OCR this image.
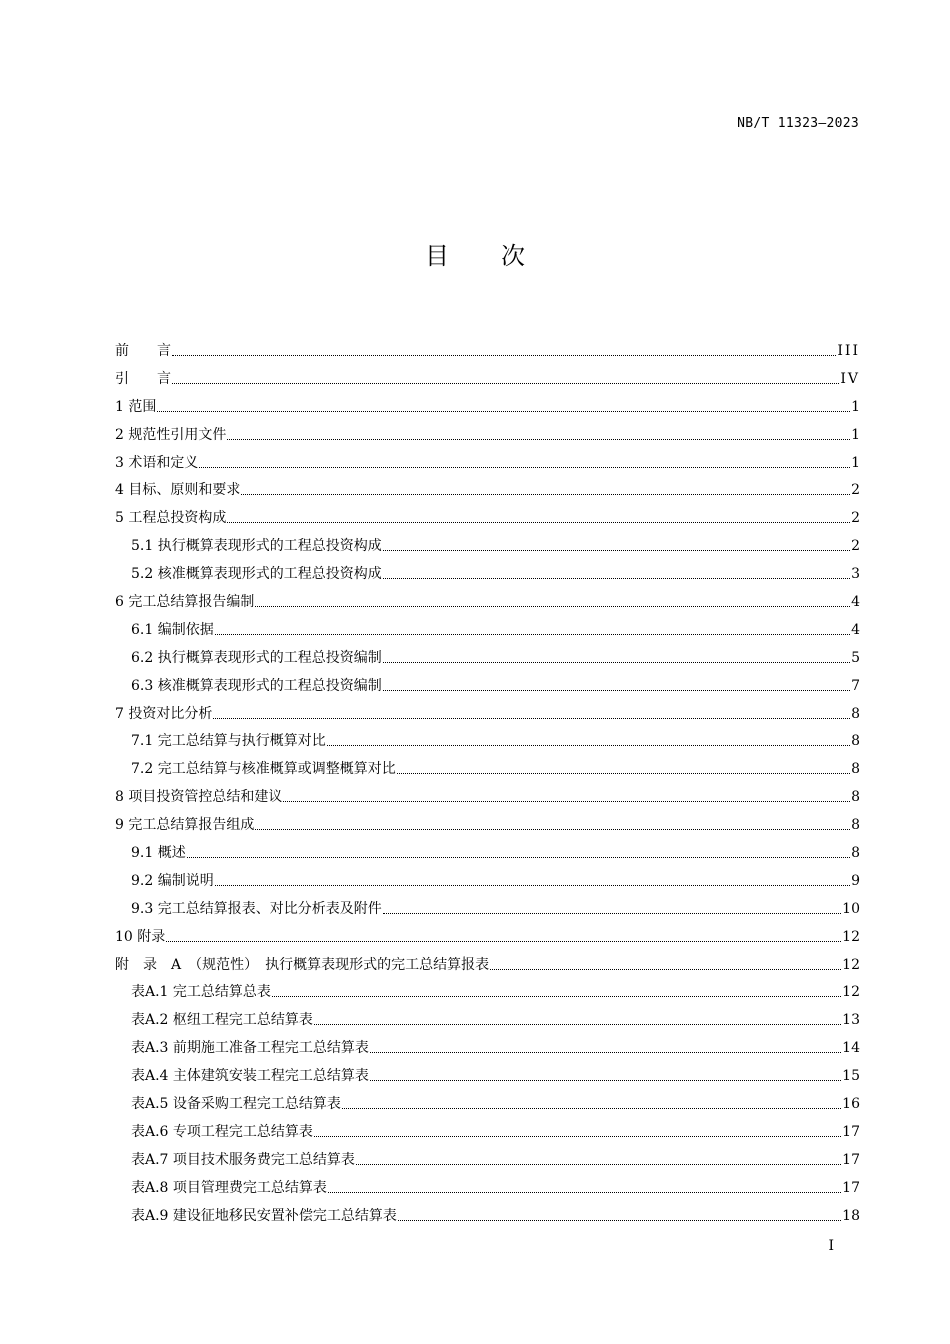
NB/T 11323—2023
目 次
前　　言	III
引　　言	IV
1 范围	1
2 规范性引用文件	1
3 术语和定义	1
4 目标、原则和要求	2
5 工程总投资构成	2
5.1 执行概算表现形式的工程总投资构成	2
5.2 核准概算表现形式的工程总投资构成	3
6 完工总结算报告编制	4
6.1 编制依据	4
6.2 执行概算表现形式的工程总投资编制	5
6.3 核准概算表现形式的工程总投资编制	7
7 投资对比分析	8
7.1 完工总结算与执行概算对比	8
7.2 完工总结算与核准概算或调整概算对比	8
8 项目投资管控总结和建议	8
9 完工总结算报告组成	8
9.1 概述	8
9.2 编制说明	9
9.3 完工总结算报表、对比分析表及附件	10
10 附录	12
附　录　A　（规范性）　执行概算表现形式的完工总结算报表	12
表A.1 完工总结算总表	12
表A.2 枢纽工程完工总结算表	13
表A.3 前期施工准备工程完工总结算表	14
表A.4 主体建筑安装工程完工总结算表	15
表A.5 设备采购工程完工总结算表	16
表A.6 专项工程完工总结算表	17
表A.7 项目技术服务费完工总结算表	17
表A.8 项目管理费完工总结算表	17
表A.9 建设征地移民安置补偿完工总结算表	18
I
